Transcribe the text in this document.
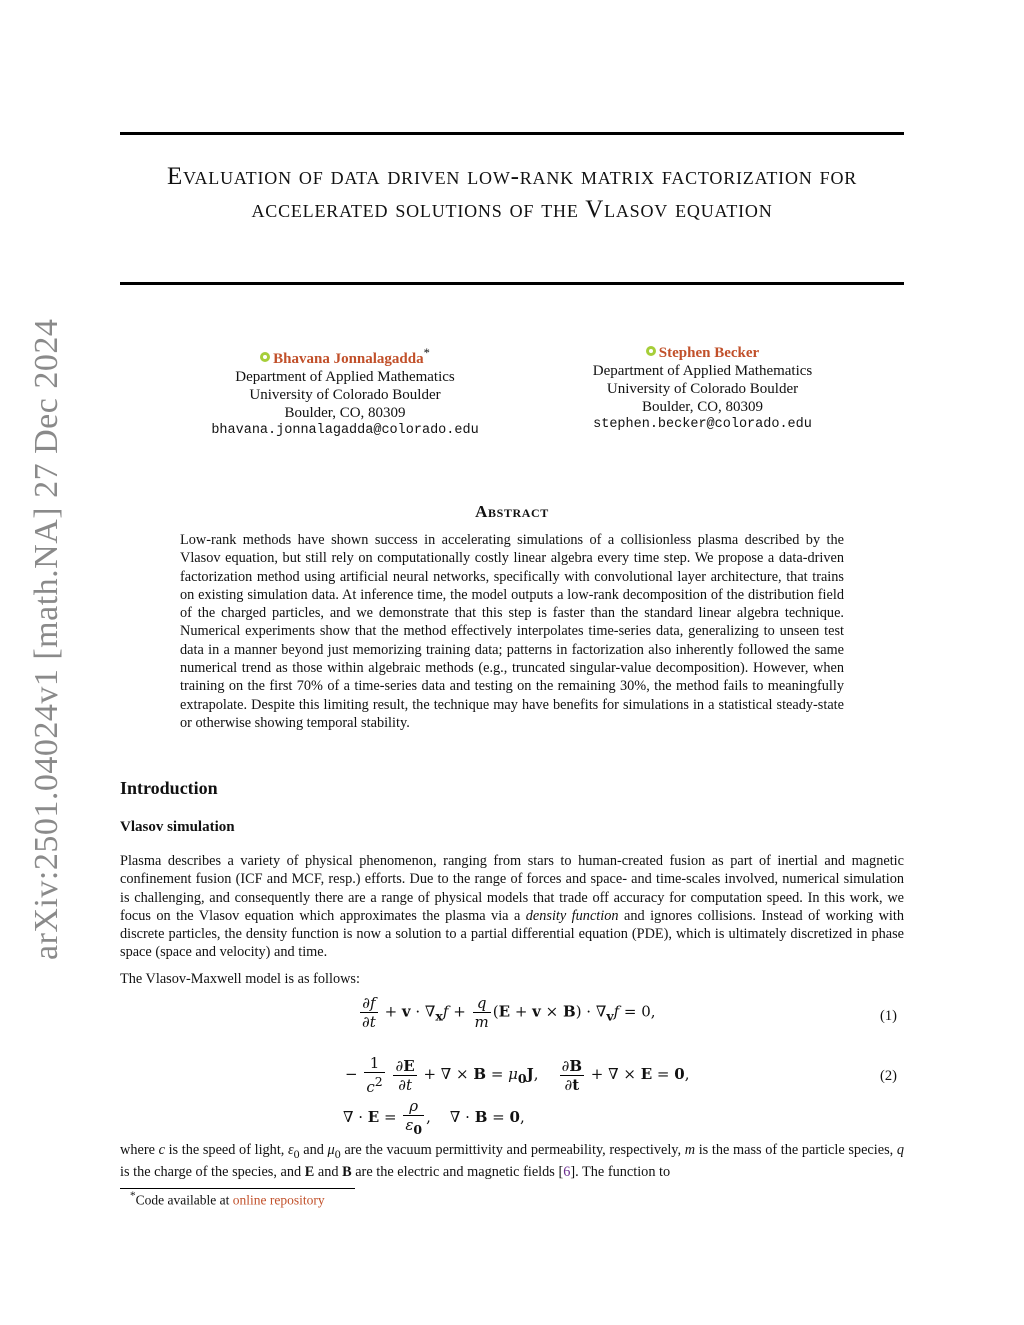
arXiv:2501.04024v1 [math.NA] 27 Dec 2024
Evaluation of data driven low-rank matrix factorization for accelerated solutions of the Vlasov equation
Bhavana Jonnalagadda*
Department of Applied Mathematics
University of Colorado Boulder
Boulder, CO, 80309
bhavana.jonnalagadda@colorado.edu
Stephen Becker
Department of Applied Mathematics
University of Colorado Boulder
Boulder, CO, 80309
stephen.becker@colorado.edu
Abstract
Low-rank methods have shown success in accelerating simulations of a collisionless plasma described by the Vlasov equation, but still rely on computationally costly linear algebra every time step. We propose a data-driven factorization method using artificial neural networks, specifically with convolutional layer architecture, that trains on existing simulation data. At inference time, the model outputs a low-rank decomposition of the distribution field of the charged particles, and we demonstrate that this step is faster than the standard linear algebra technique. Numerical experiments show that the method effectively interpolates time-series data, generalizing to unseen test data in a manner beyond just memorizing training data; patterns in factorization also inherently followed the same numerical trend as those within algebraic methods (e.g., truncated singular-value decomposition). However, when training on the first 70% of a time-series data and testing on the remaining 30%, the method fails to meaningfully extrapolate. Despite this limiting result, the technique may have benefits for simulations in a statistical steady-state or otherwise showing temporal stability.
Introduction
Vlasov simulation
Plasma describes a variety of physical phenomenon, ranging from stars to human-created fusion as part of inertial and magnetic confinement fusion (ICF and MCF, resp.) efforts. Due to the range of forces and space- and time-scales involved, numerical simulation is challenging, and consequently there are a range of physical models that trade off accuracy for computation speed. In this work, we focus on the Vlasov equation which approximates the plasma via a density function and ignores collisions. Instead of working with discrete particles, the density function is now a solution to a partial differential equation (PDE), which is ultimately discretized in phase space (space and velocity) and time.
The Vlasov-Maxwell model is as follows:
$\frac{\partial f}{\partial t} + v \cdot \nabla_xf + \frac{q}{m} (E + v \times B) \cdot \nabla_vf = 0$,	(1)
− $\frac{1}{c^2}$
$\frac{\partial E}{\partial t}$ + ∇ × $B = \mu_0J$, $\frac{\partial B}{\partial t}$ + ∇ × E = 0,	(2)
∇ · $E = \frac{\rho}{\varepsilon_0}$ ,    ∇ · B = 0,
where c is the speed of light, $\varepsilon_0$ and $\mu_0$ are the vacuum permittivity and permeability, respectively, m is the mass of the particle species, q is the charge of the species, and E and B are the electric and magnetic fields [6]. The function to
*Code available at online repository
